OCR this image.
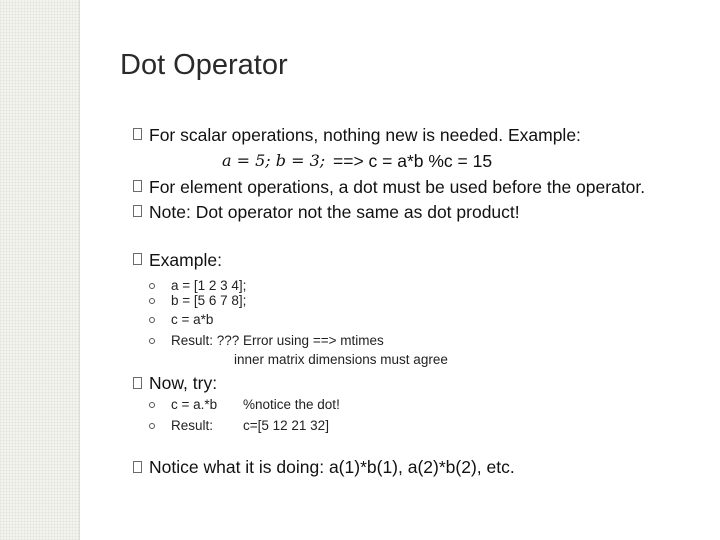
Dot Operator
For scalar operations, nothing new is needed. Example:
a = 5; b = 3; ==> c = a*b %c = 15
For element operations, a dot must be used before the operator.
Note: Dot operator not the same as dot product!
Example:
a = [1 2 3 4];
b = [5 6 7 8];
c = a*b
Result: ??? Error using ==> mtimes
inner matrix dimensions must agree
Now, try:
c = a.*b %notice the dot!
Result: c=[5 12 21 32]
Notice what it is doing: a(1)*b(1), a(2)*b(2), etc.
